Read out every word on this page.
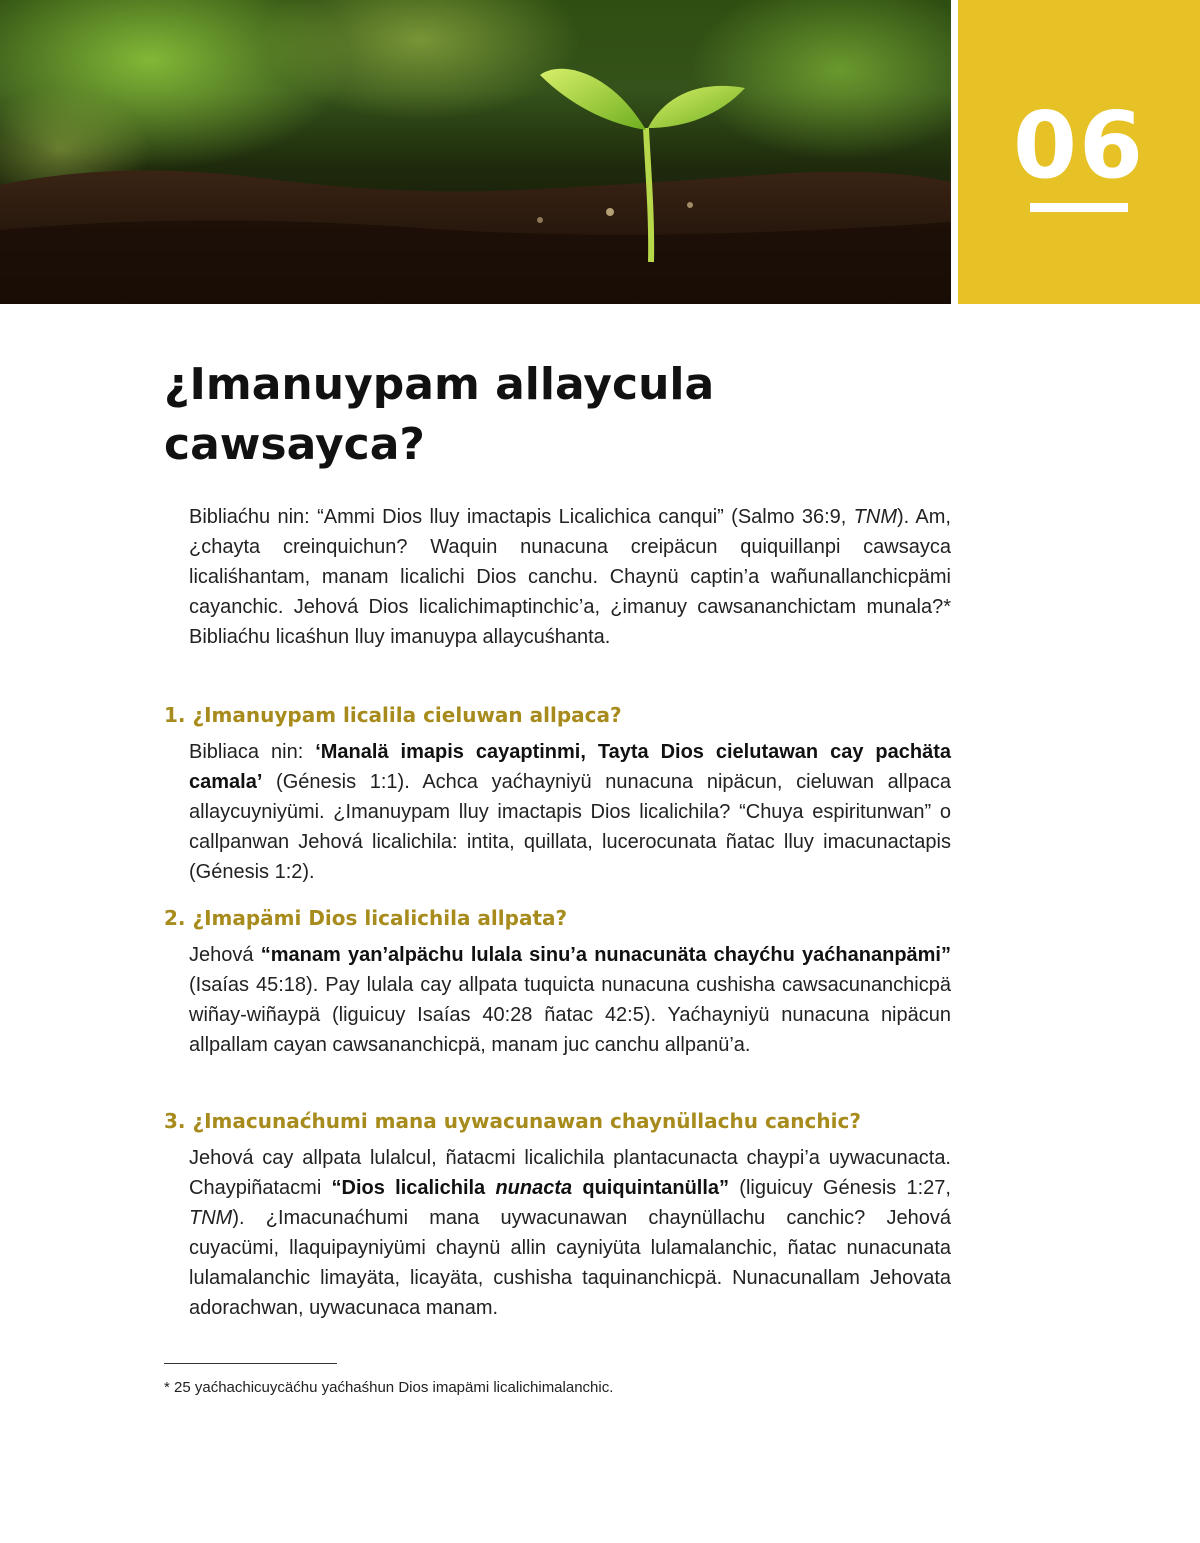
06
¿Imanuypam allaycula cawsayca?

Bibliaćhu nin: “Ammi Dios lluy imactapis Licalichica canqui” (Salmo 36:9, TNM). Am, ¿chayta creinquichun? Waquin nunacuna creipäcun quiquillanpi cawsayca licaliśhantam, manam licalichi Dios canchu. Chaynü captin’a wañunallanchicpämi cayanchic. Jehová Dios licalichimaptinchic’a, ¿imanuy cawsananchictam munala?* Bibliaćhu licaśhun lluy imanuypa allaycuśhanta.

1. ¿Imanuypam licalila cieluwan allpaca?

Bibliaca nin: ‘Manalä imapis cayaptinmi, Tayta Dios cielutawan cay pachäta camala’ (Génesis 1:1). Achca yaćhayniyü nunacuna nipäcun, cieluwan allpaca allaycuyniyümi. ¿Imanuypam lluy imactapis Dios licalichila? “Chuya espiritunwan” o callpanwan Jehová licalichila: intita, quillata, lucerocunata ñatac lluy imacunactapis (Génesis 1:2).

2. ¿Imapämi Dios licalichila allpata?

Jehová “manam yan’alpächu lulala sinu’a nunacunäta chayćhu yaćhananpämi” (Isaías 45:18). Pay lulala cay allpata tuquicta nunacuna cushisha cawsacunanchicpä wiñay-wiñaypä (liguicuy Isaías 40:28 ñatac 42:5). Yaćhayniyü nunacuna nipäcun allpallam cayan cawsananchicpä, manam juc canchu allpanü’a.

3. ¿Imacunaćhumi mana uywacunawan chaynüllachu canchic?

Jehová cay allpata lulalcul, ñatacmi licalichila plantacunacta chaypi’a uywacunacta. Chaypiñatacmi “Dios licalichila nunacta quiquintanülla” (liguicuy Génesis 1:27, TNM). ¿Imacunaćhumi mana uywacunawan chaynüllachu canchic? Jehová cuyacümi, llaquipayniyümi chaynü allin cayniyüta lulamalanchic, ñatac nunacunata lulamalanchic limayäta, licayäta, cushisha taquinanchicpä. Nunacunallam Jehovata adorachwan, uywacunaca manam.

* 25 yaćhachicuycäćhu yaćhaśhun Dios imapämi licalichimalanchic.
